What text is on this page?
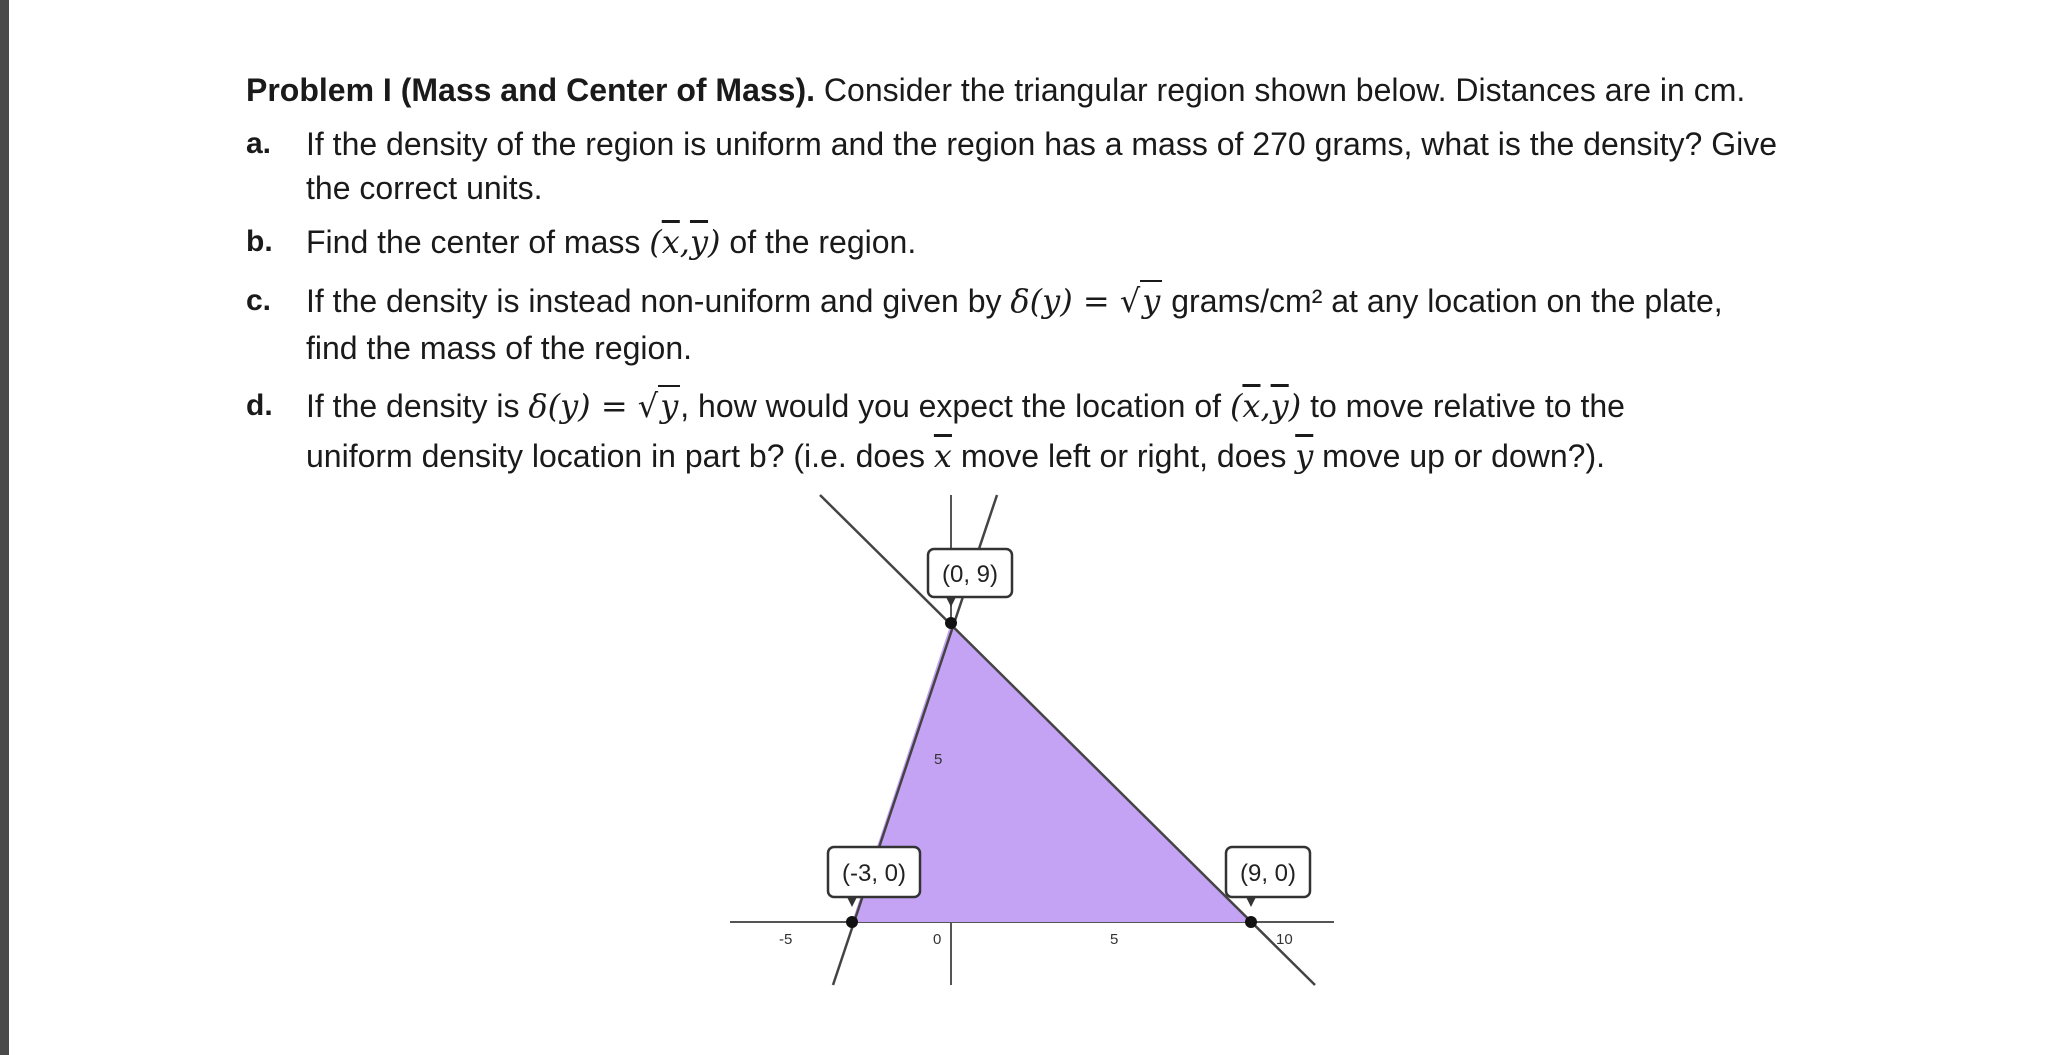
Problem I (Mass and Center of Mass). Consider the triangular region shown below. Distances are in cm.
a. If the density of the region is uniform and the region has a mass of 270 grams, what is the density? Give
the correct units.
b. Find the center of mass $(\overline{x},\overline{y})$ of the region.
c. If the density is instead non-uniform and given by δ(y) = √y grams/cm² at any location on the plate,
find the mass of the region.
d. If the density is δ(y) = √y, how would you expect the location of $(\overline{x},\overline{y})$ to move relative to the
uniform density location in part b? (i.e. does $\overline{x}$ move left or right, does $\overline{y}$ move up or down?).
-5	0	5	10
5
(0, 9)
(-3, 0)	(9, 0)
